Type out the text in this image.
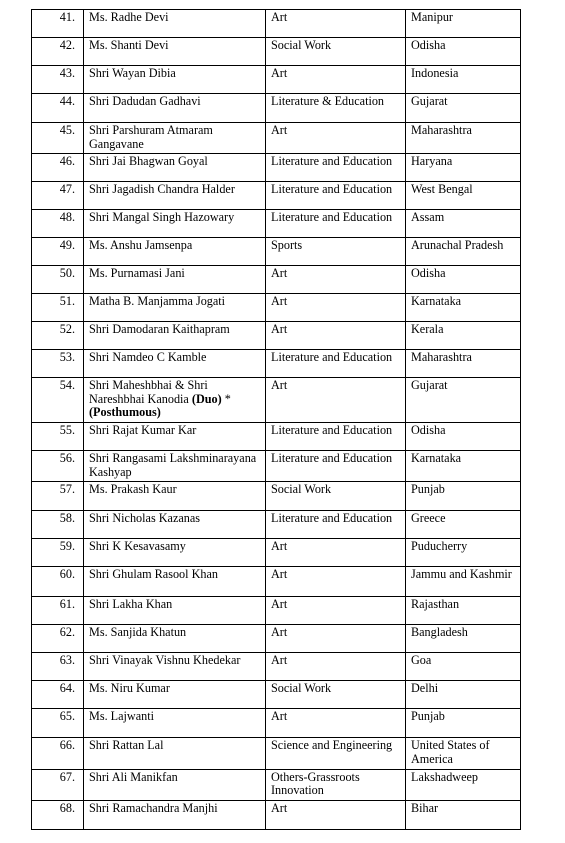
41.	Ms. Radhe Devi	Art	Manipur
42.	Ms. Shanti Devi	Social Work	Odisha
43.	Shri Wayan Dibia	Art	Indonesia
44.	Shri Dadudan Gadhavi	Literature & Education	Gujarat
45.	Shri Parshuram Atmaram Gangavane	Art	Maharashtra
46.	Shri Jai Bhagwan Goyal	Literature and Education	Haryana
47.	Shri Jagadish Chandra Halder	Literature and Education	West Bengal
48.	Shri Mangal Singh Hazowary	Literature and Education	Assam
49.	Ms. Anshu Jamsenpa	Sports	Arunachal Pradesh
50.	Ms. Purnamasi Jani	Art	Odisha
51.	Matha B. Manjamma Jogati	Art	Karnataka
52.	Shri Damodaran Kaithapram	Art	Kerala
53.	Shri Namdeo C Kamble	Literature and Education	Maharashtra
54.	Shri Maheshbhai & Shri Nareshbhai Kanodia (Duo) * (Posthumous)	Art	Gujarat
55.	Shri Rajat Kumar Kar	Literature and Education	Odisha
56.	Shri Rangasami Lakshminarayana Kashyap	Literature and Education	Karnataka
57.	Ms. Prakash Kaur	Social Work	Punjab
58.	Shri Nicholas Kazanas	Literature and Education	Greece
59.	Shri K Kesavasamy	Art	Puducherry
60.	Shri Ghulam Rasool Khan	Art	Jammu and Kashmir
61.	Shri Lakha Khan	Art	Rajasthan
62.	Ms. Sanjida Khatun	Art	Bangladesh
63.	Shri Vinayak Vishnu Khedekar	Art	Goa
64.	Ms. Niru Kumar	Social Work	Delhi
65.	Ms. Lajwanti	Art	Punjab
66.	Shri Rattan Lal	Science and Engineering	United States of America
67.	Shri Ali Manikfan	Others-Grassroots Innovation	Lakshadweep
68.	Shri Ramachandra Manjhi	Art	Bihar
